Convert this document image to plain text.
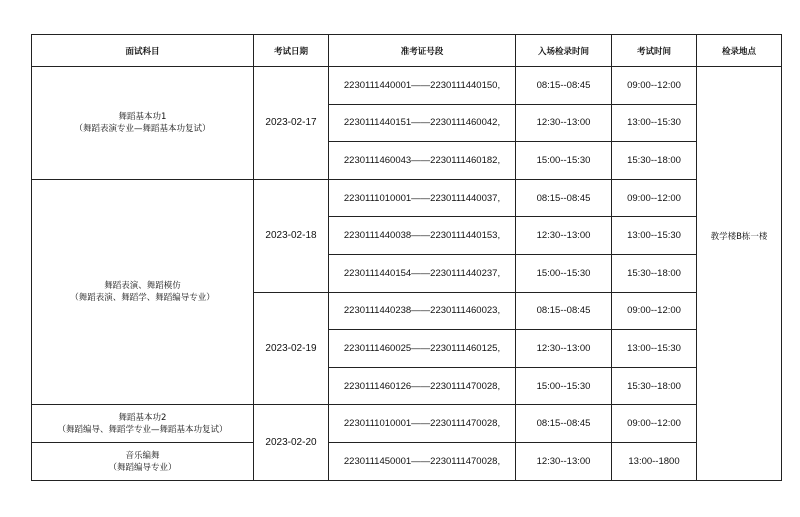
面试科目	考试日期	准考证号段	入场检录时间	考试时间	检录地点

舞蹈基本功1
（舞蹈表演专业—舞蹈基本功复试）	2023-02-17	2230111440001——2230111440150,	08:15--08:45	09:00--12:00	
		2230111440151——2230111460042,	12:30--13:00	13:00--15:30	
		2230111460043——2230111460182,	15:00--15:30	15:30--18:00	

舞蹈表演、舞蹈模仿
（舞蹈表演、舞蹈学、舞蹈编导专业）	2023-02-18	2230111010001——2230111440037,	08:15--08:45	09:00--12:00	教学楼B栋一楼
		2230111440038——2230111440153,	12:30--13:00	13:00--15:30	
		2230111440154——2230111440237,	15:00--15:30	15:30--18:00	
	2023-02-19	2230111440238——2230111460023,	08:15--08:45	09:00--12:00	
		2230111460025——2230111460125,	12:30--13:00	13:00--15:30	
		2230111460126——2230111470028,	15:00--15:30	15:30--18:00	

舞蹈基本功2
（舞蹈编导、舞蹈学专业—舞蹈基本功复试）	2023-02-20	2230111010001——2230111470028,	08:15--08:45	09:00--12:00	

音乐编舞
（舞蹈编导专业）		2230111450001——2230111470028,	12:30--13:00	13:00--1800	
